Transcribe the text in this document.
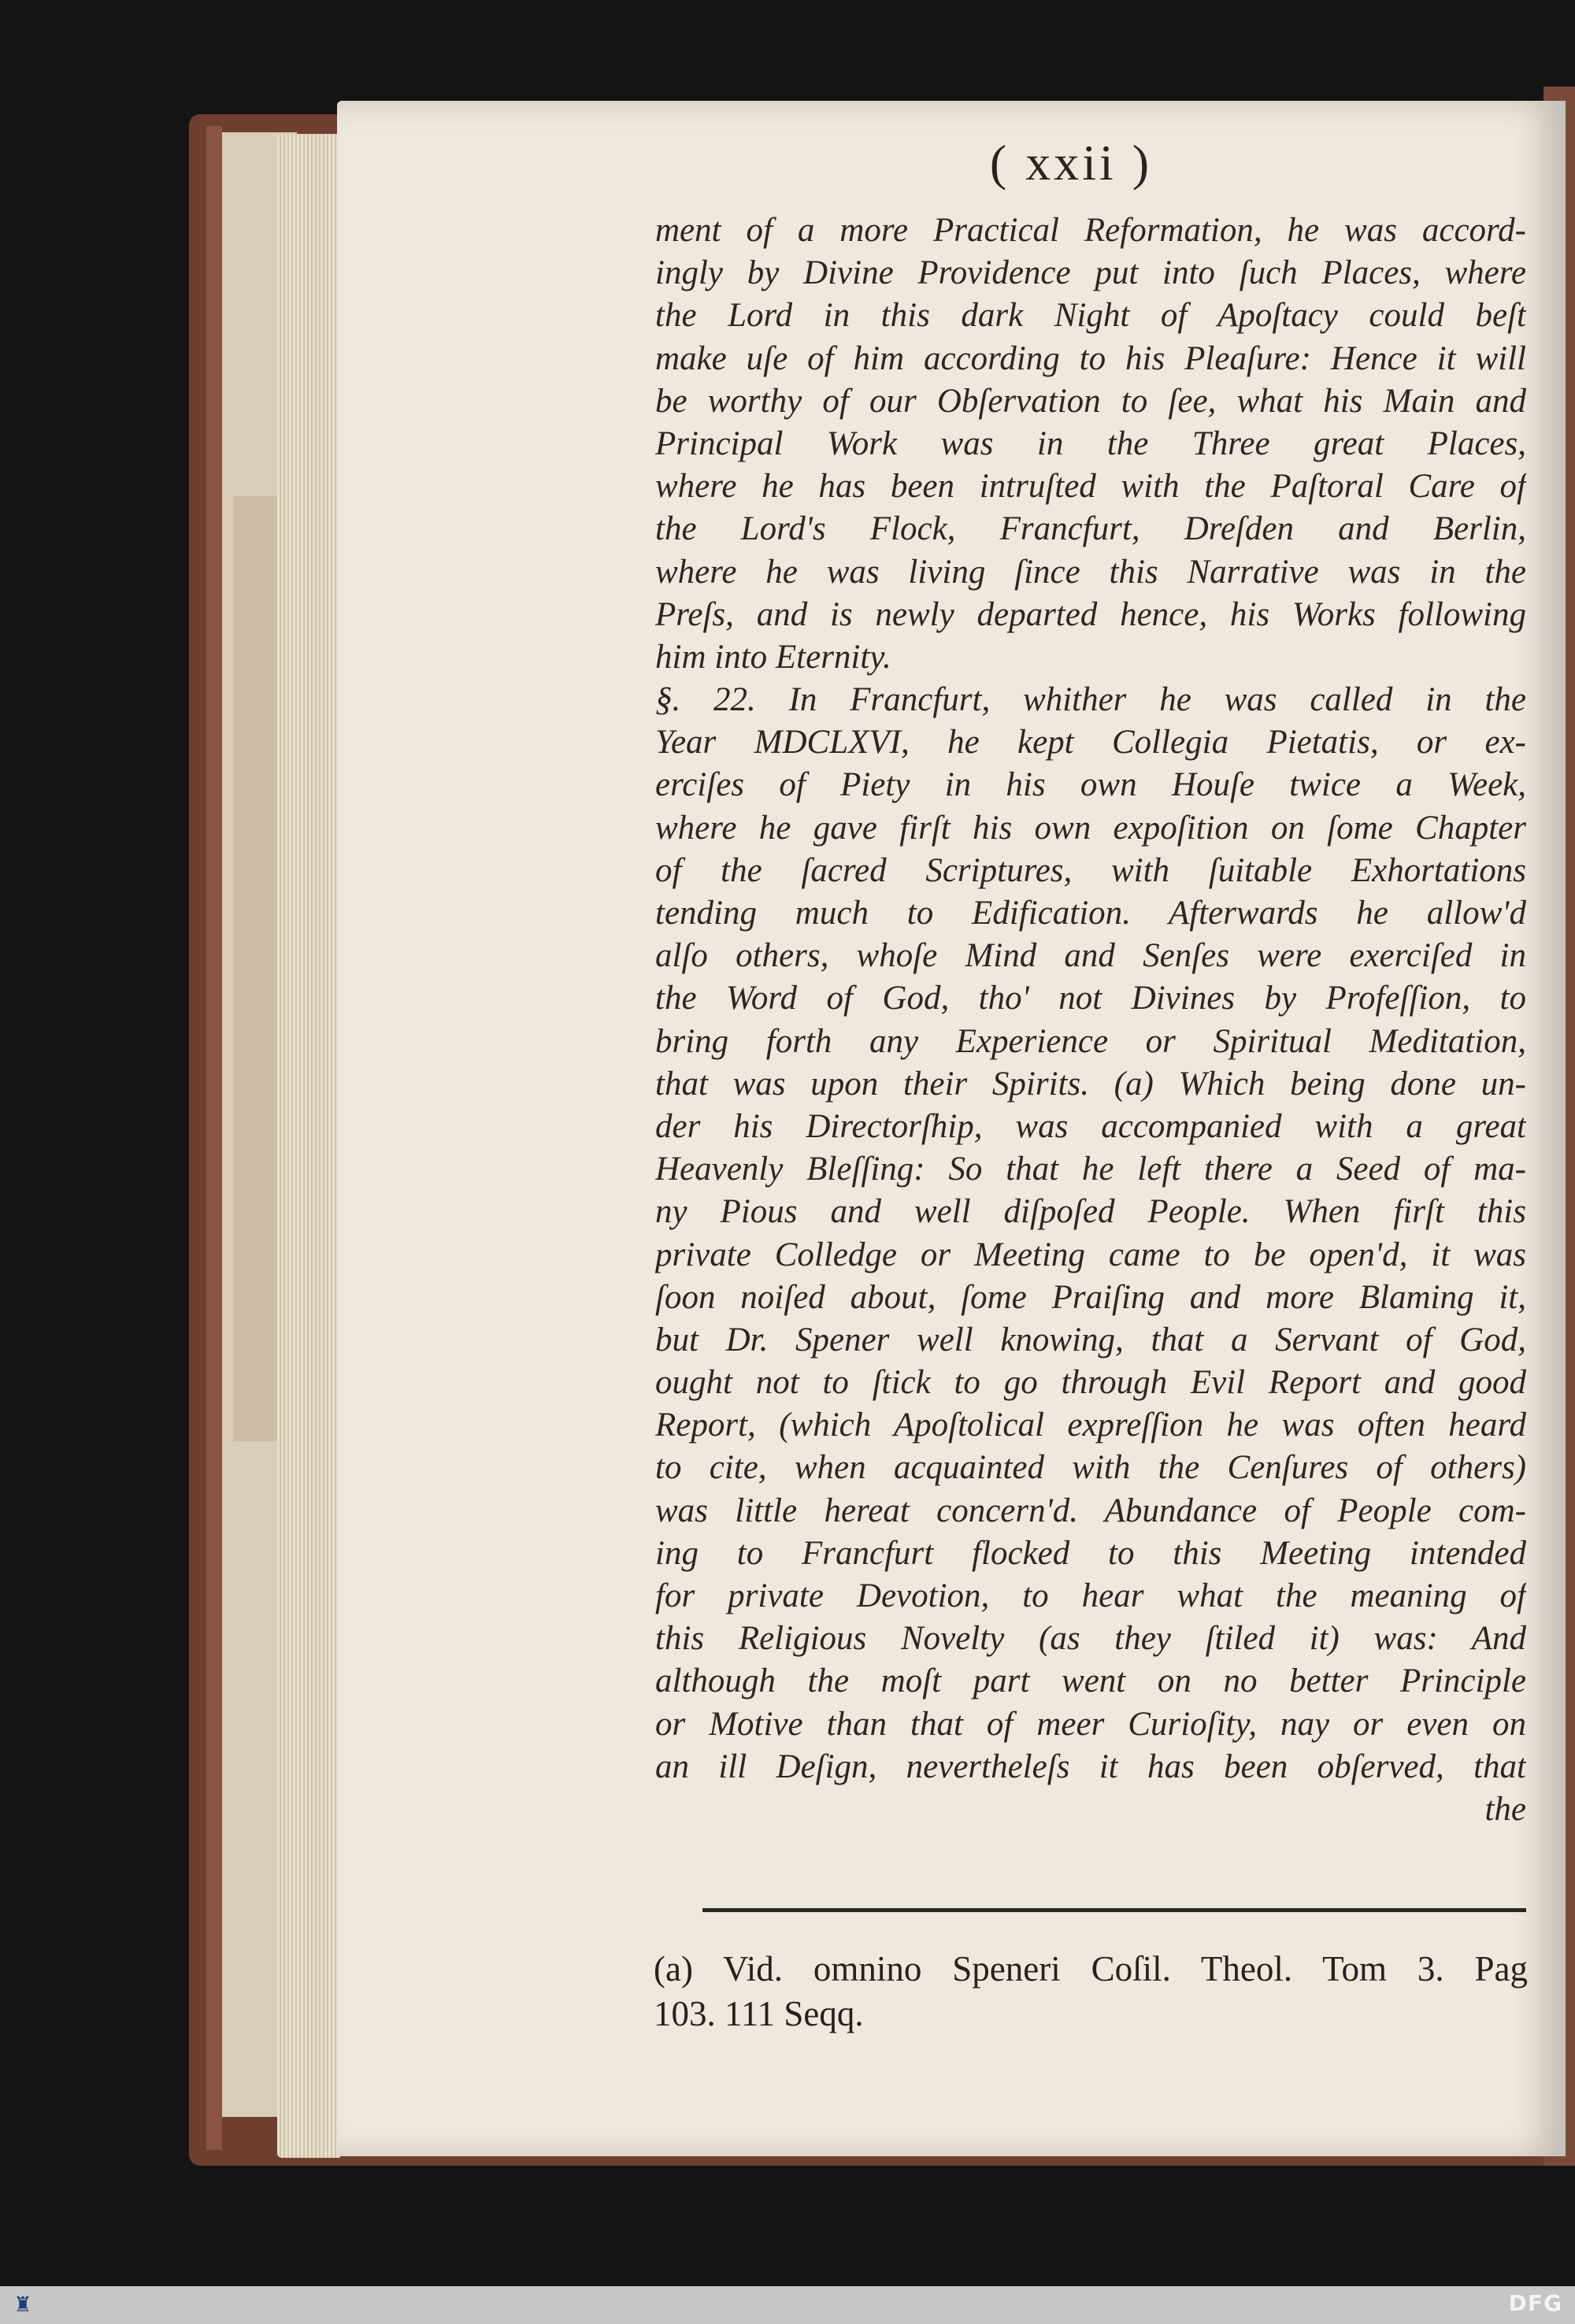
( xxii )
ment of a more Practical Reformation, he was accord-
ingly by Divine Providence put into ſuch Places, where
the Lord in this dark Night of Apoſtacy could beſt
make uſe of him according to his Pleaſure: Hence it will
be worthy of our Obſervation to ſee, what his Main and
Principal Work was in the Three great Places,
where he has been intruſted with the Paſtoral Care of
the Lord's Flock, Francfurt, Dreſden and Berlin,
where he was living ſince this Narrative was in the
Preſs, and is newly departed hence, his Works following
him into Eternity.
§. 22. In Francfurt, whither he was called in the
Year MDCLXVI, he kept Collegia Pietatis, or ex-
erciſes of Piety in his own Houſe twice a Week,
where he gave firſt his own expoſition on ſome Chapter
of the ſacred Scriptures, with ſuitable Exhortations
tending much to Edification. Afterwards he allow'd
alſo others, whoſe Mind and Senſes were exerciſed in
the Word of God, tho' not Divines by Profeſſion, to
bring forth any Experience or Spiritual Meditation,
that was upon their Spirits. (a) Which being done un-
der his Directorſhip, was accompanied with a great
Heavenly Bleſſing: So that he left there a Seed of ma-
ny Pious and well diſpoſed People. When firſt this
private Colledge or Meeting came to be open'd, it was
ſoon noiſed about, ſome Praiſing and more Blaming it,
but Dr. Spener well knowing, that a Servant of God,
ought not to ſtick to go through Evil Report and good
Report, (which Apoſtolical expreſſion he was often heard
to cite, when acquainted with the Cenſures of others)
was little hereat concern'd. Abundance of People com-
ing to Francfurt flocked to this Meeting intended
for private Devotion, to hear what the meaning of
this Religious Novelty (as they ſtiled it) was: And
although the moſt part went on no better Principle
or Motive than that of meer Curioſity, nay or even on
an ill Deſign, nevertheleſs it has been obſerved, that
the
(a) Vid. omnino Speneri Coſil. Theol. Tom 3. Pag
103. 111 Seqq.
♜	DFG
